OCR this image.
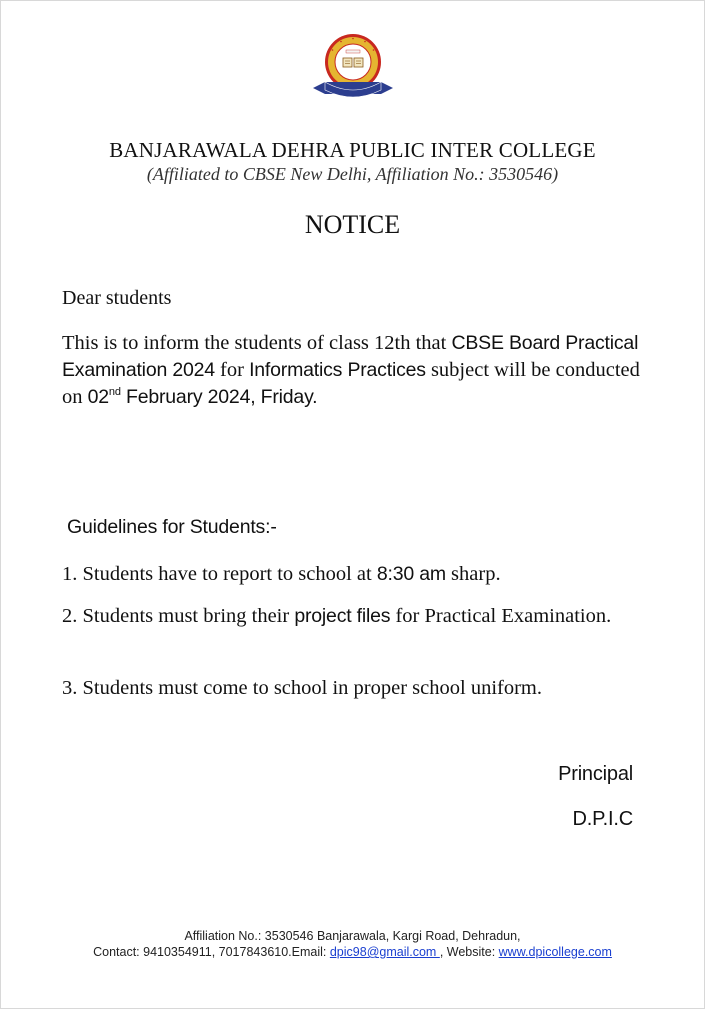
BANJARAWALA DEHRA PUBLIC INTER COLLEGE
(Affiliated to CBSE New Delhi, Affiliation No.: 3530546)
NOTICE
Dear students
This is to inform the students of class 12th that CBSE Board Practical Examination 2024 for Informatics Practices subject will be conducted on 02nd February 2024, Friday.
Guidelines for Students:-
1. Students have to report to school at 8:30 am sharp.
2. Students must bring their project files for Practical Examination.
3. Students must come to school in proper school uniform.
Principal
D.P.I.C
Affiliation No.: 3530546 Banjarawala, Kargi Road, Dehradun,
Contact: 9410354911, 7017843610.Email: dpic98@gmail.com , Website: www.dpicollege.com
